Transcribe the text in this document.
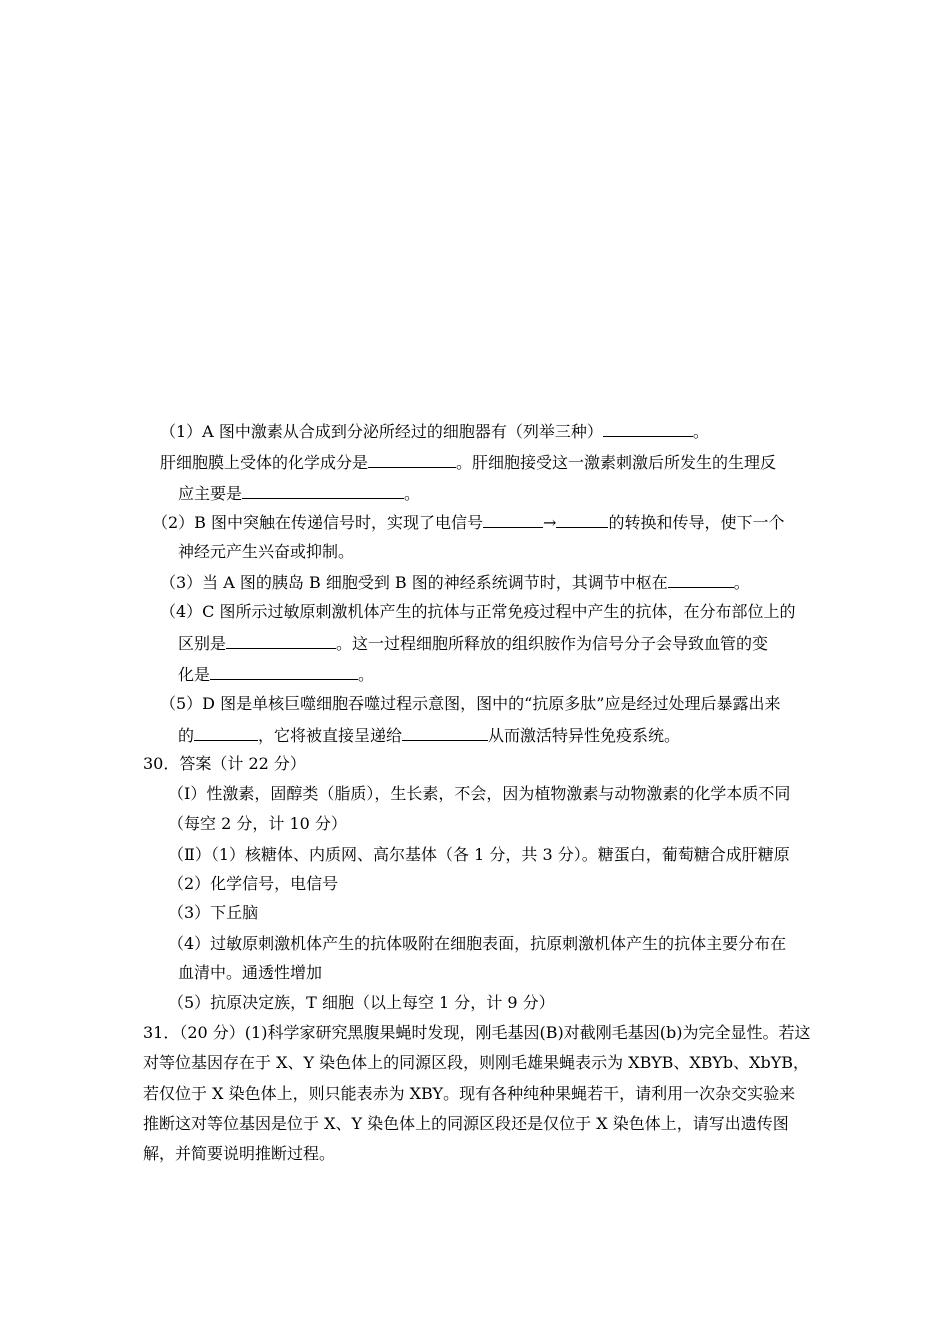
（1）A 图中激素从合成到分泌所经过的细胞器有（列举三种）	。
肝细胞膜上受体的化学成分是	。肝细胞接受这一激素刺激后所发生的生理反
应主要是	。
（2）B 图中突触在传递信号时，实现了电信号	→	的转换和传导，使下一个
神经元产生兴奋或抑制。
（3）当 A 图的胰岛 B 细胞受到 B 图的神经系统调节时，其调节中枢在	。
（4）C 图所示过敏原刺激机体产生的抗体与正常免疫过程中产生的抗体，在分布部位上的
区别是	。这一过程细胞所释放的组织胺作为信号分子会导致血管的变
化是	。
（5）D 图是单核巨噬细胞吞噬过程示意图，图中的“抗原多肽”应是经过处理后暴露出来
的	，它将被直接呈递给	从而激活特异性免疫系统。
30．答案（计 22 分）
（Ⅰ）性激素，固醇类（脂质），生长素，不会，因为植物激素与动物激素的化学本质不同
（每空 2 分，计 10 分）
（Ⅱ）（1）核糖体、内质网、高尔基体（各 1 分，共 3 分）。糖蛋白，葡萄糖合成肝糖原
（2）化学信号，电信号
（3）下丘脑
（4）过敏原刺激机体产生的抗体吸附在细胞表面，抗原刺激机体产生的抗体主要分布在
血清中。通透性增加
（5）抗原决定族，T 细胞（以上每空 1 分，计 9 分）
31．（20 分）(1)科学家研究黑腹果蝇时发现，刚毛基因(B)对截刚毛基因(b)为完全显性。若这
对等位基因存在于 X、Y 染色体上的同源区段，则刚毛雄果蝇表示为 XBYB、XBYb、XbYB，
若仅位于 X 染色体上，则只能表赤为 XBY。现有各种纯种果蝇若干，请利用一次杂交实验来
推断这对等位基因是位于 X、Y 染色体上的同源区段还是仅位于 X 染色体上，请写出遗传图
解，并简要说明推断过程。
